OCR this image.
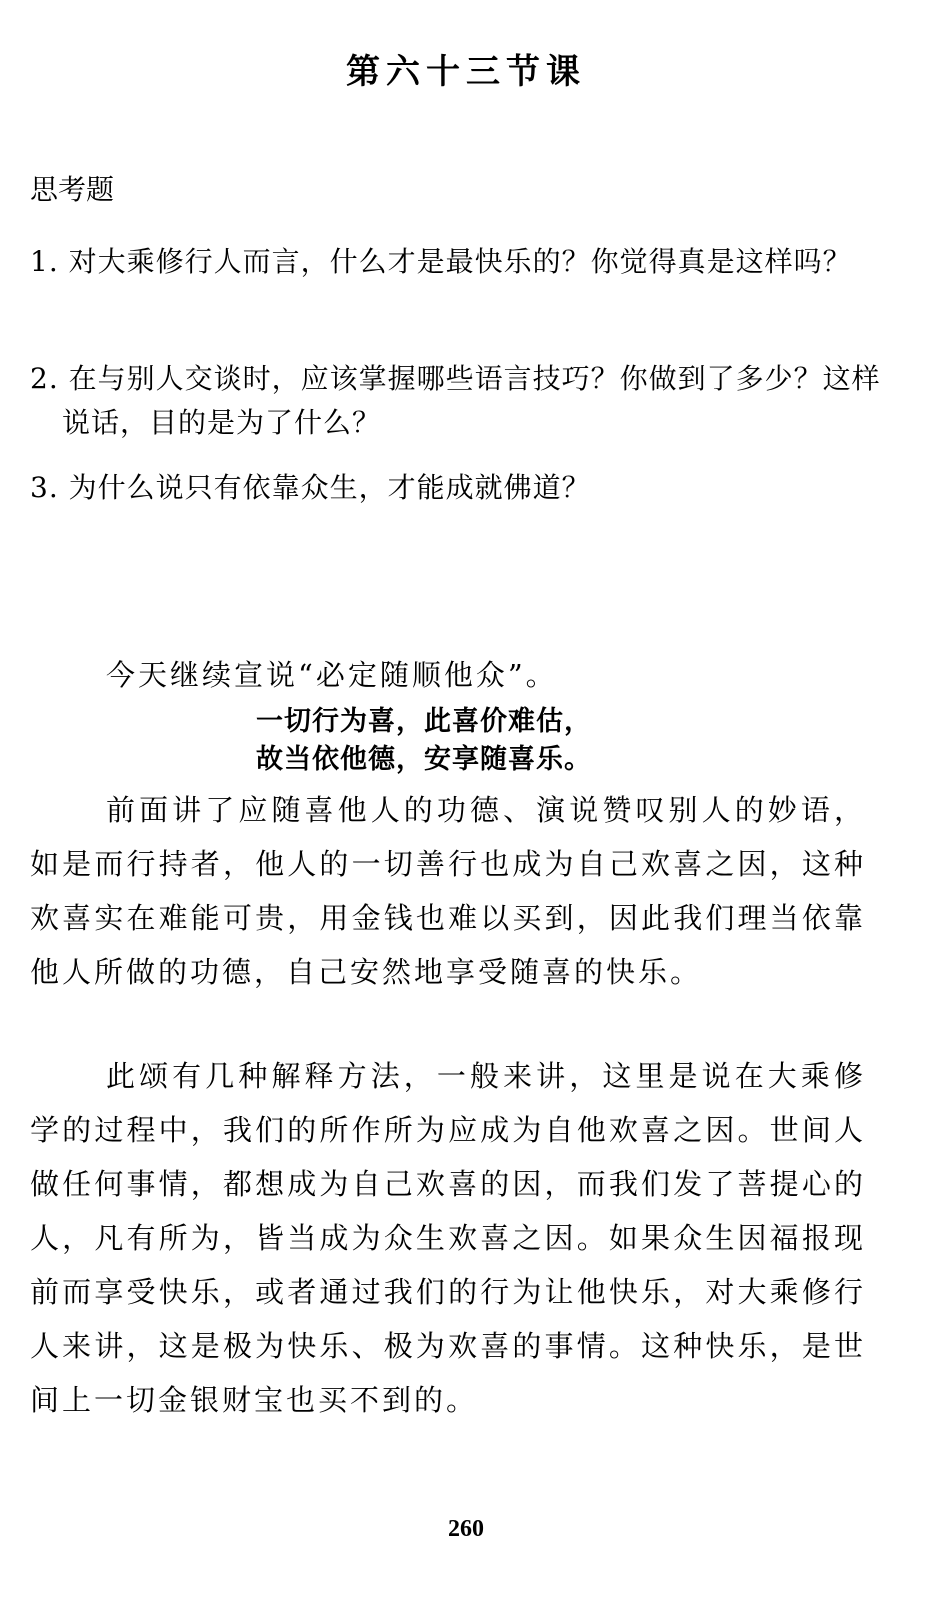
第六十三节课
思考题
1. 对大乘修行人而言，什么才是最快乐的？你觉得真是这样吗？
2. 在与别人交谈时，应该掌握哪些语言技巧？你做到了多少？这样说话，目的是为了什么？
3. 为什么说只有依靠众生，才能成就佛道？
今天继续宣说“必定随顺他众”。
一切行为喜，此喜价难估，
故当依他德，安享随喜乐。
前面讲了应随喜他人的功德、演说赞叹别人的妙语，如是而行持者，他人的一切善行也成为自己欢喜之因，这种欢喜实在难能可贵，用金钱也难以买到，因此我们理当依靠他人所做的功德，自己安然地享受随喜的快乐。
此颂有几种解释方法，一般来讲，这里是说在大乘修学的过程中，我们的所作所为应成为自他欢喜之因。世间人做任何事情，都想成为自己欢喜的因，而我们发了菩提心的人，凡有所为，皆当成为众生欢喜之因。如果众生因福报现前而享受快乐，或者通过我们的行为让他快乐，对大乘修行人来讲，这是极为快乐、极为欢喜的事情。这种快乐，是世间上一切金银财宝也买不到的。
260
